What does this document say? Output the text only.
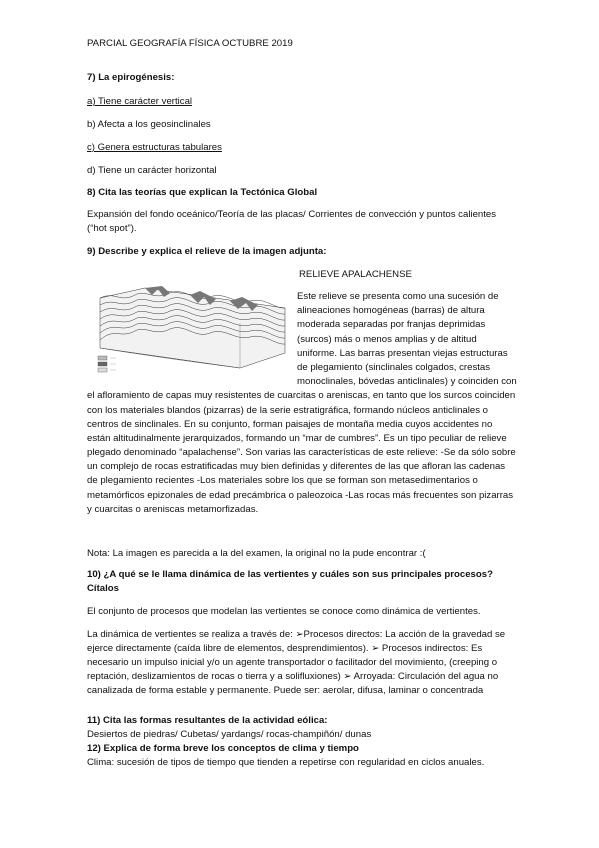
PARCIAL GEOGRAFÍA FÍSICA OCTUBRE 2019
7) La epirogénesis:
a) Tiene carácter vertical
b) Afecta a los geosinclinales
c) Genera estructuras tabulares
d) Tiene un carácter horizontal
8) Cita las teorías que explican la Tectónica Global
Expansión del fondo oceánico/Teoría de las placas/ Corrientes de convección y puntos calientes (“hot spot”).
9) Describe y explica el relieve de la imagen adjunta:
RELIEVE APALACHENSE
Este relieve se presenta como una sucesión de alineaciones homogéneas (barras) de altura moderada separadas por franjas deprimidas (surcos) más o menos amplias y de altitud uniforme. Las barras presentan viejas estructuras de plegamiento (sinclinales colgados, crestas monoclinales, bóvedas anticlinales) y coinciden con el afloramiento de capas muy resistentes de cuarcitas o areniscas, en tanto que los surcos coinciden con los materiales blandos (pizarras) de la serie estratigráfica, formando núcleos anticlinales o centros de sinclinales. En su conjunto, forman paisajes de montaña media cuyos accidentes no están altitudinalmente jerarquizados, formando un “mar de cumbres”. Es un tipo peculiar de relieve plegado denominado “apalachense”. Son varias las características de este relieve: -Se da sólo sobre un complejo de rocas estratificadas muy bien definidas y diferentes de las que afloran las cadenas de plegamiento recientes -Los materiales sobre los que se forman son metasedimentarios o metamórficos epizonales de edad precámbrica o paleozoica -Las rocas más frecuentes son pizarras y cuarcitas o areniscas metamorfizadas.
Nota: La imagen es parecida a la del examen, la original no la pude encontrar :(
10) ¿A qué se le llama dinámica de las vertientes y cuáles son sus principales procesos?
Cítalos
El conjunto de procesos que modelan las vertientes se conoce como dinámica de vertientes.
La dinámica de vertientes se realiza a través de: ➢Procesos directos: La acción de la gravedad se ejerce directamente (caída libre de elementos, desprendimientos). ➢ Procesos indirectos: Es necesario un impulso inicial y/o un agente transportador o facilitador del movimiento, (creeping o reptación, deslizamientos de rocas o tierra y a solifluxiones) ➢ Arroyada: Circulación del agua no canalizada de forma estable y permanente. Puede ser: aerolar, difusa, laminar o concentrada
11) Cita las formas resultantes de la actividad eólica:
Desiertos de piedras/ Cubetas/ yardangs/ rocas-champiñón/ dunas
12) Explica de forma breve los conceptos de clima y tiempo
Clima: sucesión de tipos de tiempo que tienden a repetirse con regularidad en ciclos anuales.
